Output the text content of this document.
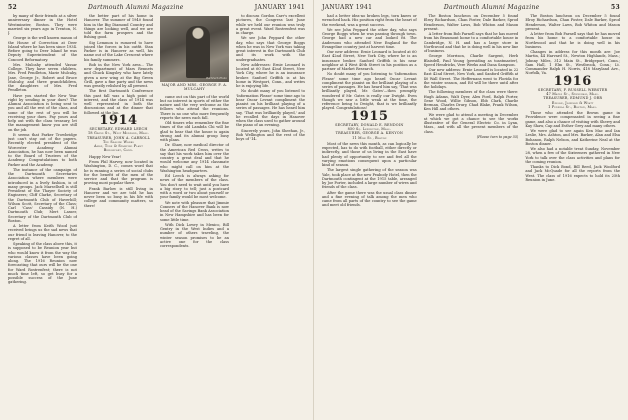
52	Dartmouth Alumni Magazine	JANUARY 1941

by many of their friends at a silver anniversary dinner in the Hotel Westminster, Boston. They were married six years ago in Trenton, N. J.

George is the well known mason of the House of Correction at Deer Island where he has been since 1934. Before going to Deer Island he was Deputy Superintendent of the Concord Reformatory.

Mrs. Mulcahy attended Vassar College. They have seven children. Mrs. Fred Pendleton, Marie Mulcahy, Jane, George Jr., Robert and Bruce Mulcahy, and three grandchildren, the daughters of Mrs. Fred Pendleton.

Have you started the New Year right by sending in your dues? The Alumni Association is being sent to you and all the rest of the class, and some of the rest of you will be receiving your dues. Pay yours and help out with the class treasury, let the management know you are still on the job.

It seems that Parker Trowbridge just can't stay out of the papers. Recently elected president of the Worcester Academy Alumni Association, he has now been named to the Board of Trustees of the Academy. Congratulations to both Parker and the Academy.

The instance of the campaign of the Dartmouth Secretaries Association where members were introduced in a lively fashion, is of many groups. Jack Marsellsell is still President of the Thayer Society of Engineers; Cliff Clarke, Secretary of the Dartmouth Club of Haverhill; Wilson Scott, Secretary of the Class; Carl 'Cass' Cassidy (N. H.) Dartmouth Club; Mert Lasser, Secretary of the Dartmouth Club of Boston.

A letter from Keith Wood just received brings us the sad news that our friend is leaving Hanover, to the regret of all.

Speaking of the class above this, it is supposed to be Reunion year but who would know it from the way the various classes have been going along. The 1916 Reunion now forecasting that ours will be the one for Ward Rostrenfest; there is not much time left, so get busy for a possible success of the June gathering.

the better part of his home in Hanover. The summer of 1940 found him in the Big Diamond Country and things are looking well, and we are told the farm prospers and the fishing good.

Sig Lemmon is rumored to have joined the forces in his outfit. Stan Parker is in Hanover as well, his name out of the Lake Crescent where his family summers.

Bob in the New York area... The new department of Mars Rennets and Chuck Kingsley who have lately given a new wing at the Big Green Grill, gave a fine party and the news was greatly relished by all present.

The first Dartmouth Conference this past fall was a high point of interest, and the class of 1914 was well represented in both the discussions and at the dinner that followed at the Inn.

1914
SECRETARY, EDWARD LEECH
18 Grove St., West Medford, Mass.
TREASURER, JOHN A. CARROLL
The Seaside Works
Amoy, Tube & Stamping Plant
Bridgeport, Conn.

Happy New Year!

From Phil Harvey, now located in Washington, D. C., comes word that he is running a series of social clubs for the benefit of the men of the service and that the program is proving most popular there.

Frank Barlow is still living in Hanover and we are told he has never been so busy in his life with college and community matters, so there!

Bachrach Photo
MAJOR AND MRS. GEORGE F. A. MULCAHY

came out on this part of the world but no interest in sports of either the nature and the very welcome as the fellows who attend the reunions. There is no one who more frequently reports the news each fall.

Old timers who remember the fine times of the old Lambda Chi will be glad to hear that the house is again strong and its alumni group busy with plans.

Dr. Shaw, now medical director of the American Red Cross, writes to say that his work takes him over the country a great deal and that he would welcome any 1914 classmate who might call on him at the Washington headquarters.

Ed Leech is always asking for news of the members of the class. You don't need to wait until you have a big story to tell; just a postcard with a word or two about yourself or your family would be most welcome.

We note with pleasure that Jimmie Conners of the Hanover Bank is now head of the Savings Bank Association in New Hampshire and has been for some little time.

With Dick Lowry in Mexico, Bill Gentry in the West Indies and a number of others traveling, the winter season promises to be an active one for the class correspondents.

to discuss Gordon Carr's excellent pictures, the Congress last June while we held our reunion was truly a great event. Ward Rostrenfest was in charge.

We see John Peppard the other day, who says that George Boggs when he was in New York was taking great interest in the Dartmouth Club and its work with the undergraduates.

New addresses: Ernie Leonard is located at 60 East 42nd Street, New York City, where he is an insurance broker. Sanford Griffith is at his home in Westport, Conn., and writes he is enjoying life.

No doubt many of you listened to 'Information Please' some time ago to hear Oscar Levant compliment the pianist on his brilliant playing of a series of passages. He has heard him say, 'That was brilliantly played,' and he recalled the days in Hanover when the class used to gather around the piano of an evening.

Sincerely yours, John Sheehan, Jr., Bob Wellington and the rest of the boys of '14.

JANUARY 1941	Dartmouth Alumni Magazine	53

had a better idea-no broken legs, torn knees or wrenched back. His position right from the heart of the weekend, was a great success.

We see John Peppard the other day, who says George Boggs when he was passing through town. George had a new car and looked fit. The Andersons who attended New England for the Evangeline country just at harvest time.

Our new address: Ernie Leonard is located at 60 East 42nd Street, New York City, where he is an insurance broker. Sanford Griffith is his near neighbor at 4 West 40th Street in his position as a partner of Market Research.

No doubt many of you listening to 'Information Please' some time ago heard Oscar Levant compliment the pianist on the brilliant playing of a series of passages. He has heard him say, 'That was brilliantly played, Mr. Gates'—then promptly wondered if Mr. Gates is really our Dwight. Even though we saw a little weak at the time, the reference being to Dwight, that is we brilliantly played. Congratulations!

1915
SECRETARY, DONALD E. RENDOIN
850 Sq. Lexington, Mass.
TREASURER, GEORGE A. KENYON
11 Milk St., Boston

Most of the news this month, as can logically be expected, has to do with football, either directly or indirectly, and those of us living in the East have had plenty of opportunity to see and feel all the varying emotions consequent upon a particular kind of season.

The largest single gathering of the season was Yale, took place at the new Peabody Hotel, then the Dartmouth contingent at the 1915 table, arranged by Joe Porter, included a large number of wives and friends of the class.

After the game there was the usual class dinner and a fine evening of talk among the men who came from all parts of the country to see the game and meet old friends.

The Boston luncheon on December 5 found Elroy Richardson, Chan Foster, Dale Barker, Sprod Henderson, Walter Laws, Bob Whiton and Mason present.

A letter from Bob Farnell says that he has moved from his Beaumont home to a comfortable house in Cambridge, N. H. and has a large store in Northwood and that he is doing well in his new line of business.

George Morrison, Charlie Sargent, Herb Blaisdell, Paul Young (presiding as toastmaster), Speed Hendricks, Vere Weeks and Dana Sampson.

Our new address: Ernie Leonard is located in 22 East 42nd Street, New York, and Sanford Griffith at 40 Wall Street. The Heffernans went to Florida for the winter season, and Ed will be there until after the holidays.

The following members of the class were there: Hugh Adams, Walt Dyer, Alex Ford, Ralph Porter, Gene Wood, Willie Gibson, Ebb Clark, Charlie Berman, Charles Drury, Chad Blake, Frank Wilson, Ken Hill and others.

We were glad to attend a meeting in December at which we got a chance to see the works illustrative of the General Electric Co. in Lynn, Mass., and with all the present members of the class.

(Please turn to page 55)

The Boston luncheon on December 5 found Elroy Richardson, Chan Foster, Dale Barker, Sprod Henderson, Walter Laws, Bob Whiton and Mason present.

A letter from Bob Farnell says that he has moved from his home to a comfortable house in Northwood and that he is doing well in his business.

Changes in address for this month are: Joe Martin, 44 Harvard St., Newton Highlands, Mass.; Johnny Miles, 312 Main St., Bridgeport, Conn.; Sam Hall, 1 Elm St., Westbrook, Conn.; Lt. Commander Ralph H. Norris, 418 Maryland Ave., Norfolk, Va.

1916
SECRETARY, F. RUSSELL WEBSTER
47 Maple St., Stoneham, Mass.
TREASURER, EDMUND J. ORR
Edison, Johnson & Wyatt
1 Federal St., Boston, Mass.

Those who attended the Brown game in Providence were compensated in seeing a fine game, and also a chance of visiting with Sherry and Kay Shaw, Cap and Esther Grey and many others.

We were glad to see again Ken Mac and Ian Leslie, Mrs. Ashton, and Mrs. Barker, Alan and Elsa Bohanon, Ralph Nelson, and Katherine Neal at the Boston dinner.

We also had a notable treat Sunday, November 28, when a few of the Sixteeners gathered in New York to talk over the class activities and plans for the coming reunion.

Thanks to Dick Bond, Bill Reed, Jack Woolford and Jack McQuade for all the reports from the West. The class of 1916 expects to hold its 25th Reunion in June.
